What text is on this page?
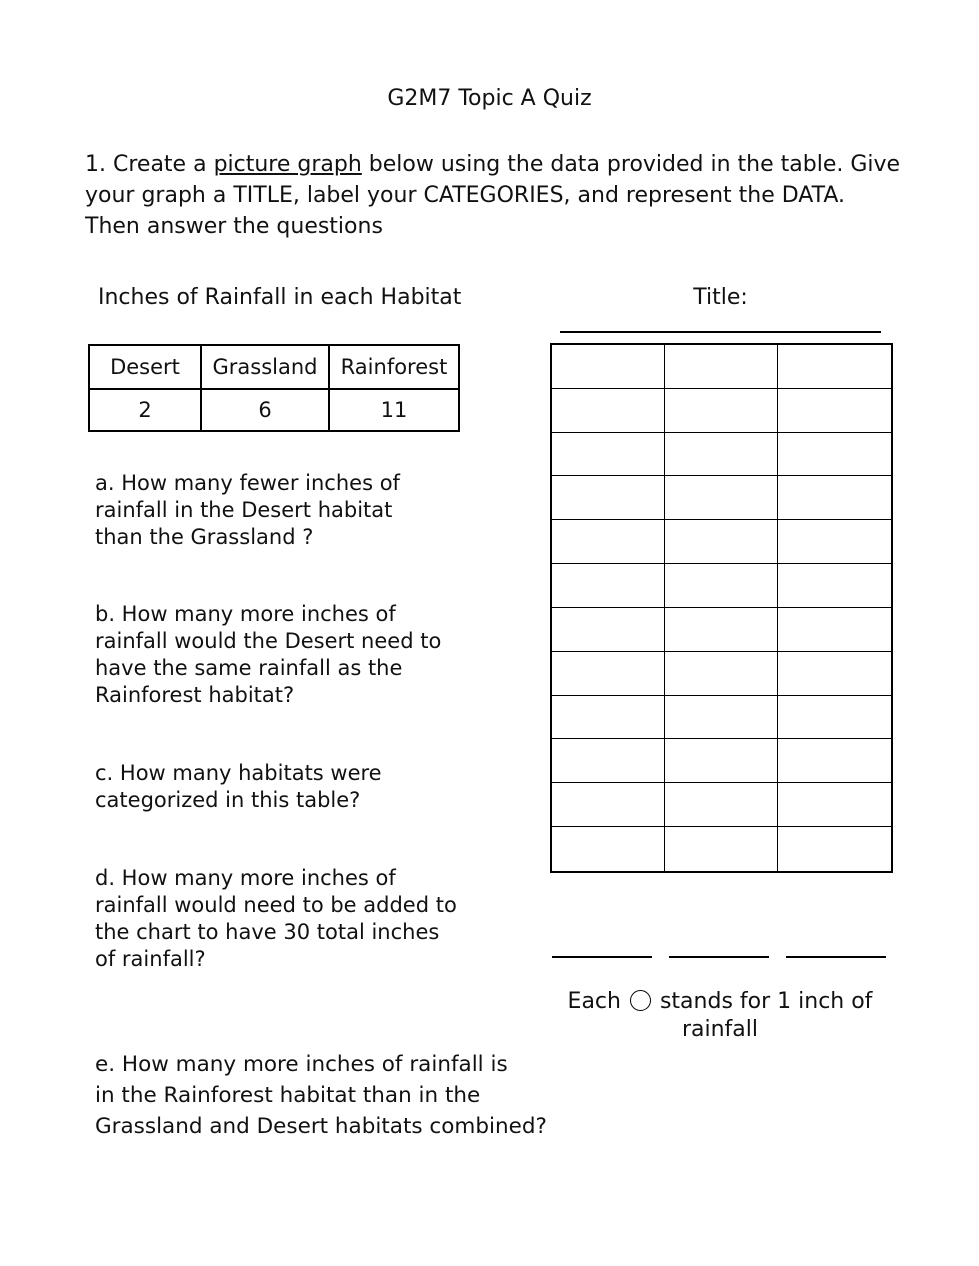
G2M7 Topic A Quiz
1. Create a picture graph below using the data provided in the table. Give
your graph a TITLE, label your CATEGORIES, and represent the DATA.
Then answer the questions
Inches of Rainfall in each Habitat
Desert	Grassland	Rainforest
2	6	11
a. How many fewer inches of
rainfall in the Desert habitat
than the Grassland ?
b. How many more inches of
rainfall would the Desert need to
have the same rainfall as the
Rainforest habitat?
c. How many habitats were
categorized in this table?
d. How many more inches of
rainfall would need to be added to
the chart to have 30 total inches
of rainfall?
e. How many more inches of rainfall is
in the Rainforest habitat than in the
Grassland and Desert habitats combined?
Title:
Each stands for 1 inch of
rainfall
